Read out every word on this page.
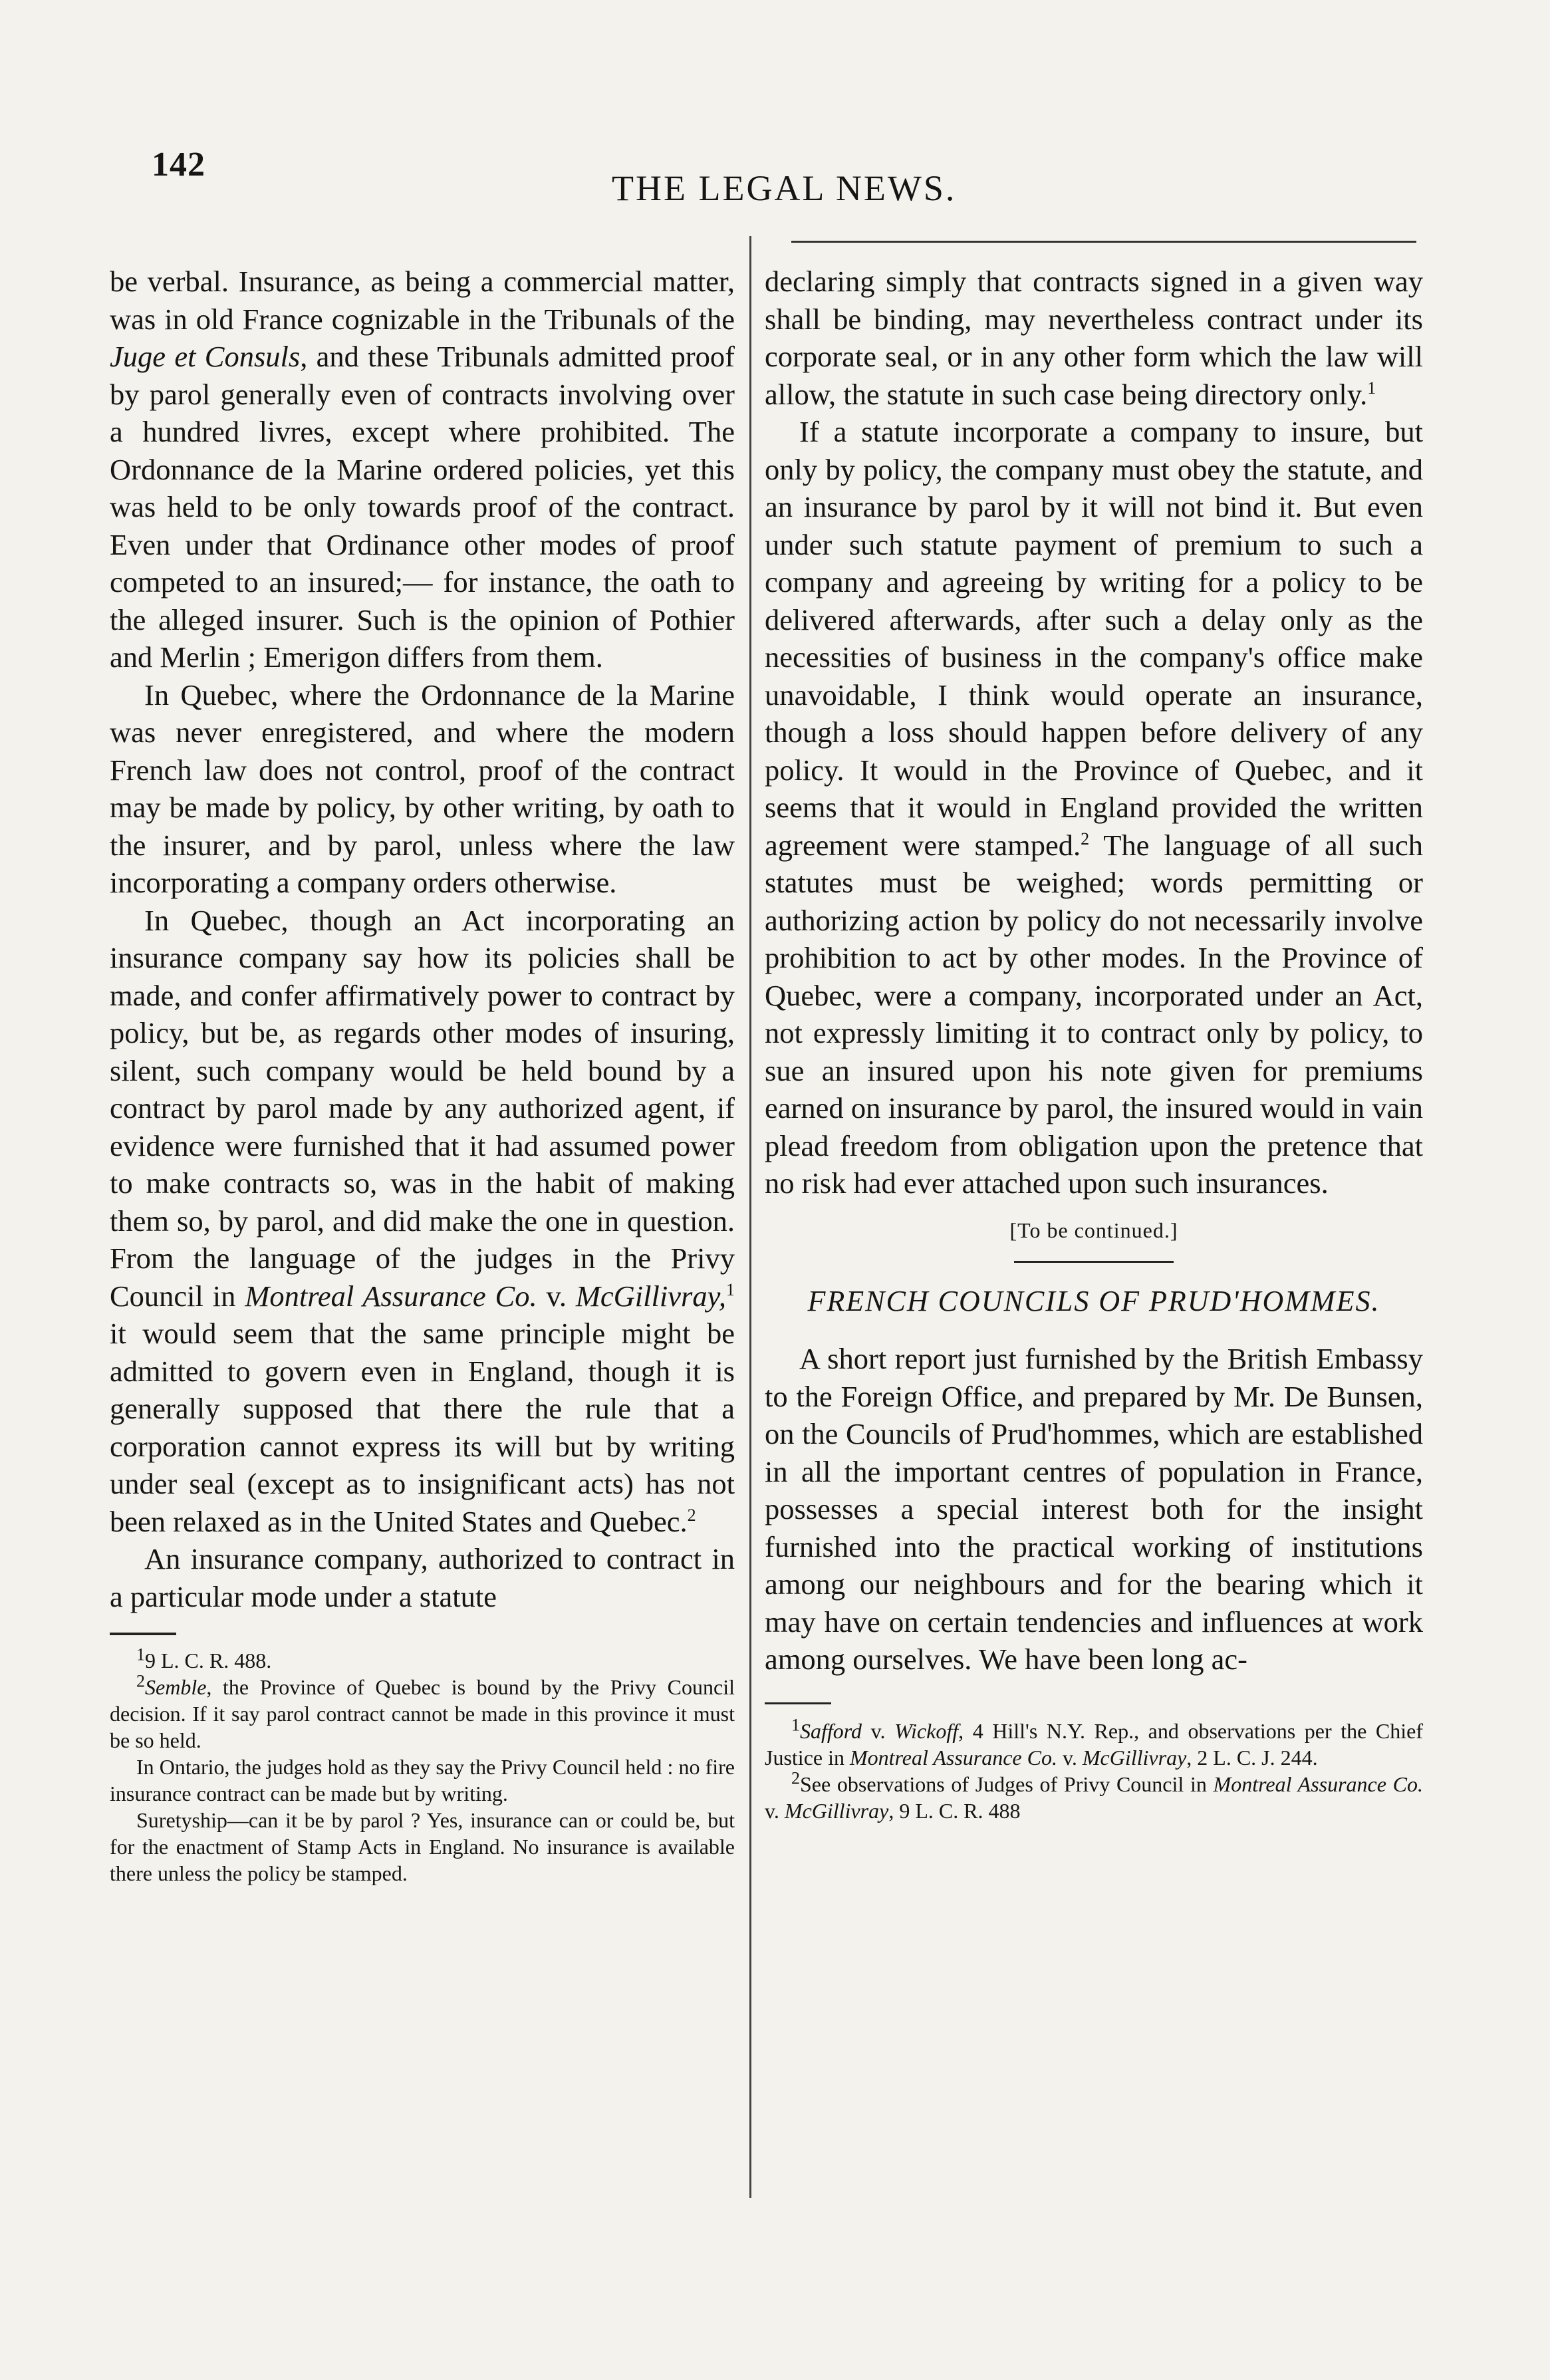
142
THE LEGAL NEWS.

be verbal. Insurance, as being a commercial matter, was in old France cognizable in the Tribunals of the Juge et Consuls, and these Tribunals admitted proof by parol generally even of contracts involving over a hundred livres, except where prohibited. The Ordonnance de la Marine ordered policies, yet this was held to be only towards proof of the contract. Even under that Ordinance other modes of proof competed to an insured;— for instance, the oath to the alleged insurer. Such is the opinion of Pothier and Merlin ; Emerigon differs from them.

In Quebec, where the Ordonnance de la Marine was never enregistered, and where the modern French law does not control, proof of the contract may be made by policy, by other writing, by oath to the insurer, and by parol, unless where the law incorporating a company orders otherwise.

In Quebec, though an Act incorporating an insurance company say how its policies shall be made, and confer affirmatively power to contract by policy, but be, as regards other modes of insuring, silent, such company would be held bound by a contract by parol made by any authorized agent, if evidence were furnished that it had assumed power to make contracts so, was in the habit of making them so, by parol, and did make the one in question. From the language of the judges in the Privy Council in Montreal Assurance Co. v. McGillivray,$^1$ it would seem that the same principle might be admitted to govern even in England, though it is generally supposed that there the rule that a corporation cannot express its will but by writing under seal (except as to insignificant acts) has not been relaxed as in the United States and Quebec.$^2$

An insurance company, authorized to contract in a particular mode under a statute

$^1$9 L. C. R. 488.

$^2$Semble, the Province of Quebec is bound by the Privy Council decision. If it say parol contract cannot be made in this province it must be so held.

In Ontario, the judges hold as they say the Privy Council held : no fire insurance contract can be made but by writing.

Suretyship—can it be by parol ? Yes, insurance can or could be, but for the enactment of Stamp Acts in England. No insurance is available there unless the policy be stamped.

declaring simply that contracts signed in a given way shall be binding, may nevertheless contract under its corporate seal, or in any other form which the law will allow, the statute in such case being directory only.$^1$

If a statute incorporate a company to insure, but only by policy, the company must obey the statute, and an insurance by parol by it will not bind it. But even under such statute payment of premium to such a company and agreeing by writing for a policy to be delivered afterwards, after such a delay only as the necessities of business in the company's office make unavoidable, I think would operate an insurance, though a loss should happen before delivery of any policy. It would in the Province of Quebec, and it seems that it would in England provided the written agreement were stamped.$^2$ The language of all such statutes must be weighed; words permitting or authorizing action by policy do not necessarily involve prohibition to act by other modes. In the Province of Quebec, were a company, incorporated under an Act, not expressly limiting it to contract only by policy, to sue an insured upon his note given for premiums earned on insurance by parol, the insured would in vain plead freedom from obligation upon the pretence that no risk had ever attached upon such insurances.

[To be continued.]
FRENCH COUNCILS OF PRUD'HOMMES.

A short report just furnished by the British Embassy to the Foreign Office, and prepared by Mr. De Bunsen, on the Councils of Prud'hommes, which are established in all the important centres of population in France, possesses a special interest both for the insight furnished into the practical working of institutions among our neighbours and for the bearing which it may have on certain tendencies and influences at work among ourselves. We have been long ac-

$^1$Safford v. Wickoff, 4 Hill's N.Y. Rep., and observations per the Chief Justice in Montreal Assurance Co. v. McGillivray, 2 L. C. J. 244.

$^2$See observations of Judges of Privy Council in Montreal Assurance Co. v. McGillivray, 9 L. C. R. 488
